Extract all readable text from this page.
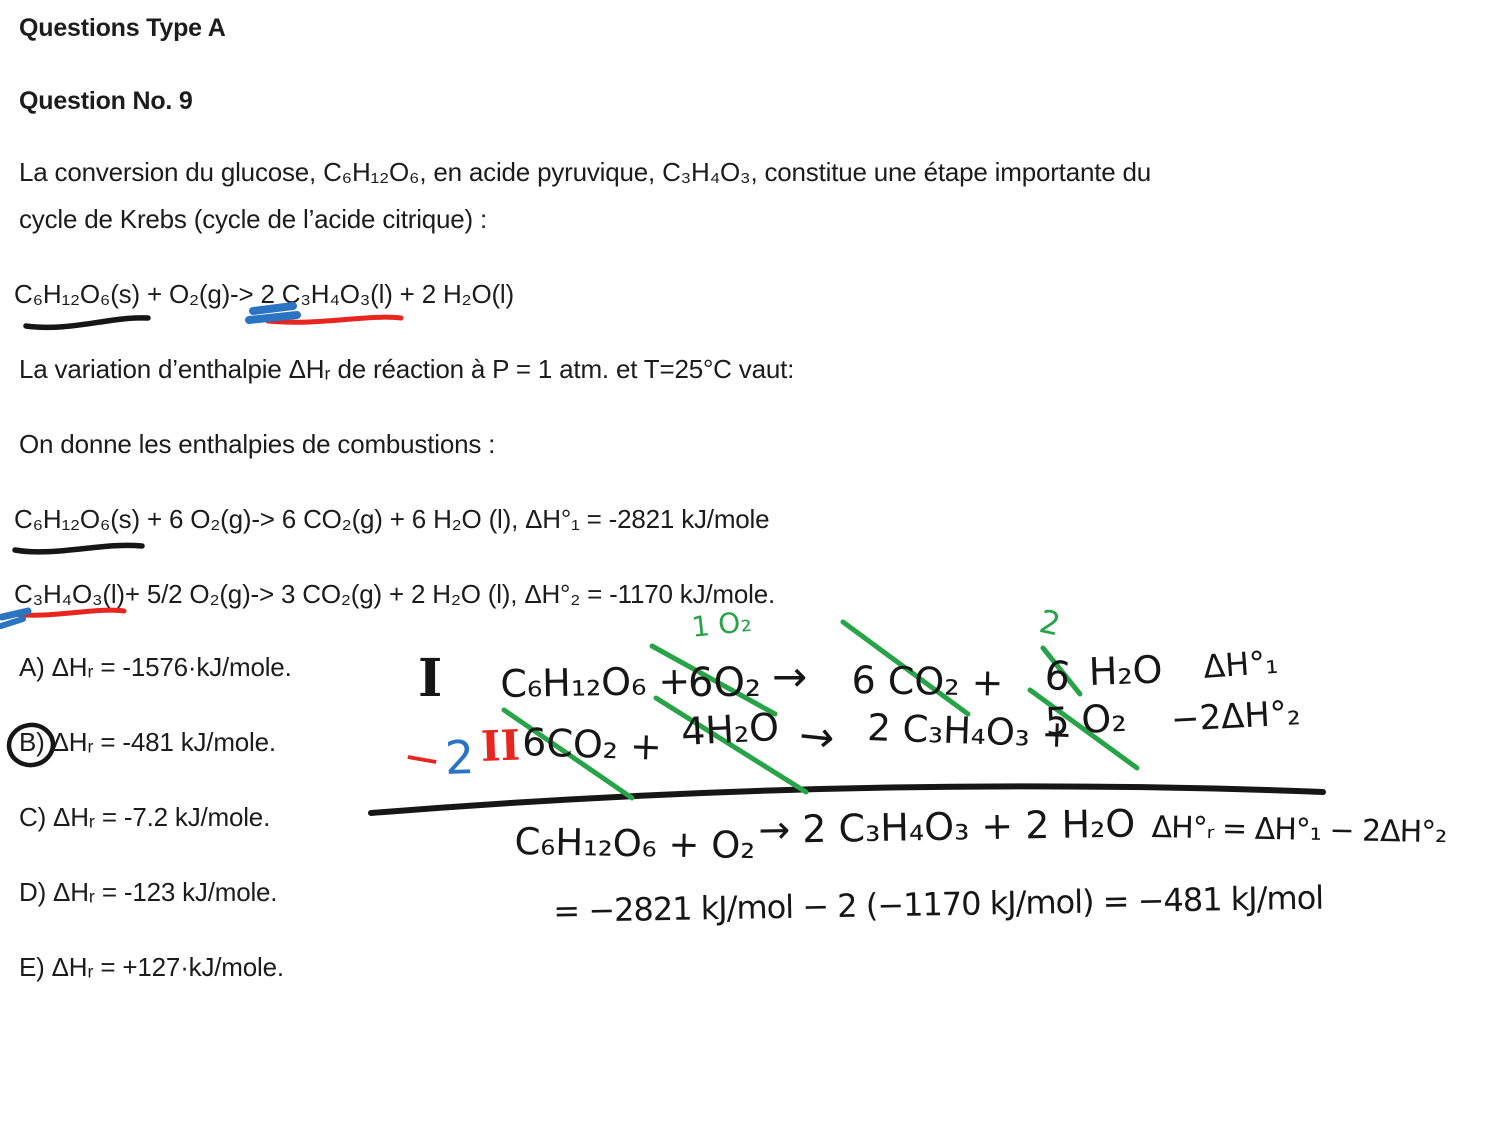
Questions Type A
Question No. 9
La conversion du glucose, C₆H₁₂O₆, en acide pyruvique, C₃H₄O₃, constitue une étape importante du
cycle de Krebs (cycle de l’acide citrique) :
C₆H₁₂O₆(s) + O₂(g)-> 2 C₃H₄O₃(l) + 2 H₂O(l)
La variation d’enthalpie ΔHᵣ de réaction à P = 1 atm. et T=25°C vaut:
On donne les enthalpies de combustions :
C₆H₁₂O₆(s) + 6 O₂(g)-> 6 CO₂(g) + 6 H₂O (l), ΔH°₁ = -2821 kJ/mole
C₃H₄O₃(l)+ 5/2 O₂(g)-> 3 CO₂(g) + 2 H₂O (l), ΔH°₂ = -1170 kJ/mole.
A) ΔHᵣ = -1576·kJ/mole.
B) ΔHᵣ = -481 kJ/mole.
C) ΔHᵣ = -7.2 kJ/mole.
D) ΔHᵣ = -123 kJ/mole.
E) ΔHᵣ = +127·kJ/mole.
I C₆H₁₂O₆ +
6O₂
1 O₂
→ 6 CO₂ + 6
2
H₂O ΔH°₁
−
2 II 6CO₂ + 4H₂O → 2 C₃H₄O₃ +
5 O₂ −2ΔH°₂
C₆H₁₂O₆ + O₂ → 2 C₃H₄O₃ + 2 H₂O ΔH°ᵣ = ΔH°₁ − 2ΔH°₂
= −2821 kJ/mol − 2 (−1170 kJ/mol) = −481 kJ/mol
